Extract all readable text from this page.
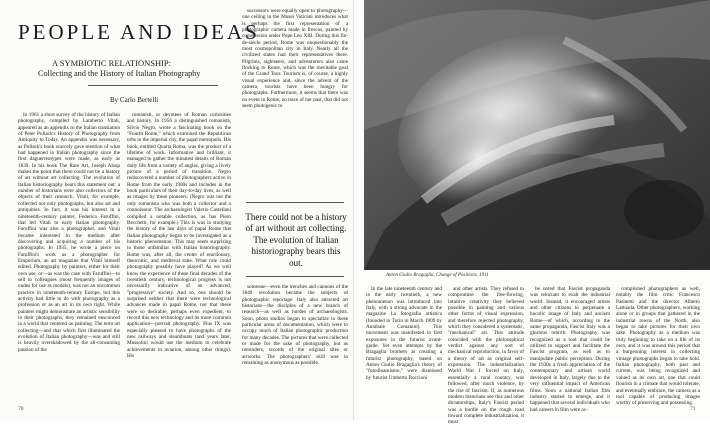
PEOPLE AND IDEAS
A SYMBIOTIC RELATIONSHIP:
Collecting and the History of Italian Photography
By Carlo Bertelli

In 1961 a short survey of the history of Italian photography, compiled by Lamberto Vitali, appeared as an appendix to the Italian translation of Peter Pollack's History of Photography from Antiquity to Today. An appendix was necessary, as Pollack's book scarcely gave mention of what had happened in Italian photography since the first daguerreotypes were made, as early as 1839. In his book The Rare Art, Joseph Alsop makes the point that there could not be a history of art without art collecting. The evolution of Italian historiography bears this statement out: a number of historians were also collectors of the objects of their research. Vitali, for example, collected not only photographs, but also art and antiquities. In fact, it was his interest in a nineteenth-century painter, Federico Faruffini, that led Vitali to early Italian photography. Faruffini was also a photographer, and Vitali became interested in the medium after discovering and acquiring a number of his photographs. In 1935, he wrote a piece on Faruffini's work as a photographer for Emporium, an art magazine that Vitali himself edited. Photography by painters, either for their own use, or—as was the case with Faruffini—to sell to colleagues (most frequently images of nudes for use as models), was not an uncommon practice in nineteenth-century Europe, but this activity had little to do with photography as a profession or as an art in its own right. While painters might demonstrate an artistic sensibility in their photographs, they remained ensconced in a world that centered on painting. The term art collecting—and that which first illuminated the evolution of Italian photography—was and still is heavily overshadowed by the all-consuming passion of the

romanisti, or devotees of Roman curiosities and history. In 1956 a distinguished romanista, Silvio Negro, wrote a fascinating book on the "Fourth Rome," which examined the Republican urbs in the imperial city, the papal metropolis. His book, entitled Quarta Roma, was the product of a lifetime of work. Informative and brilliant, it managed to gather the minutest details of Roman daily life from a variety of angles, giving a lively picture of a period of transition. Negro rediscovered a number of photographers active in Rome from the early 1900s and includes in the book particulars of their day-to-day lives, as well as images by these pioneers. (Negro was not the only romanista who was both a collector and a connoisseur. The archaeologist Valerio Castellani compiled a notable collection, as has Piero Becchetti, for example.) This is was in studying the history of the last days of papal Rome that Italian photography began to be investigated as a historic phenomenon. This may seem surprising to those unfamiliar with Italian historiography. Rome was, after all, the center of reactionary, theocratic, and medieval state. What role could photography possibly have played? As we well know the experience of these final decades of the twentieth century, technological progress is not necessarily indicative of an advanced, "progressive" society. And so, one should be surprised neither that there were technological advances made in papal Rome, nor that these were so desirable, perhaps even expedient, to record this new technology and its more common application—portrait photography. Pius IX was especially pleased to have photographs of the new railways and steamboats (and years later, Mussolini would use the medium to celebrate achievements in aviation, among other things). His

successors were equally open to photography—one ceiling in the Musei Vaticani introduces what is perhaps the first representation of a photographic camera made in frescos, painted by commission under Pope Leo XIII. During this fin-de-siècle period, Rome was unquestionably the most cosmopolitan city in Italy. Nearly all the civilized states had their representatives there. Pilgrims, sightseers, and adventurers also came flocking to Rome, which was the inevitable goal of the Grand Tour. Tourism is, of course, a highly visual experience and, since the advent of the camera, tourists have been hungry for photographs. Furthermore, it seems that there was no event in Rome, no trace of her past, that did not seem photogenic to

There could not be a history of art without art collecting. The evolution of Italian historiography bears this out.

someone—even the trenches and cannons of the 1849 revolution became the subjects of photographic reportage. Italy also attracted art historians—the disciples of a new branch of research—as well as hordes of archaeologists. Soon, photo studios began to specialize in these particular areas of documentation, which were to occupy much of Italian photographic production for many decades. The pictures that were collected or made for the sake of photography, but as reminders, records of the original sites or artworks. The photographers' skill was in remaining as anonymous as possible.

70
Anton Giulio Bragaglia, Change of Positions, 1911

In the late nineteenth century and in the early twentieth, a new phenomenon was introduced into Italy, with a strong advocate in the magazine La fotografia artistica (founded in Turin in March 1909 by Annibale Comanini). This movement was manifested in first exposures in the futurist avant-garde. Yet even attempts by the Bragaglia brothers at creating a futurist photography, based on Anton Giulio Bragaglia's theory of "fotodinamismo," were dismissed by futurist Umberto Boccioni

and other artists. They refused to compromise the free-flowing, intuitive creativity they believed possible in painting and various other forms of visual expression, and therefore rejected photography, which they considered a systematic, "mechanical" art. This attitude coincided with the philosophical verdict against any sort of mechanical reproduction, in favor of a theory of art as original self-expression. The industrialization World War I forced on Italy, essentially a rural country, was followed, after much violence, by the rise of fascism. If, as numerous modern historians see this and other dictatorships, Italy's Fascist period was a hurdle on the rough road toward complete industrialization, it must

be noted that Fascist propaganda was reluctant to exalt the industrial world. Instead, it encouraged artists and other citizens to perpetuate a bucolic image of Italy and ancient Rome—of which, according to the same propaganda, Fascist Italy was a glorious rebirth. Photography was recognized as a tool that could be utilized to support and facilitate the Fascist program, as well as to manipulate public perception. During the 1930s a fresh appreciation of the contemporary and artisan world developed in Italy, largely due to the very influential impact of American films. Soon a national Italian film industry started to emerge, and it happened that several individuals who had careers in film were ac-

complished photographers as well, notably the film critic Francesco Pasinetti and the director Alberto Lattuada. Other photographers, working alone or in groups that gathered in the industrial towns of the North, also began to take pictures for their own sake. Photography as a medium was truly beginning to take on a life of its own, and it was around this period that a burgeoning interest in collecting vintage photographs began to take hold. Italian photography, both past and current, was being recognized and valued as its own art, one that could flourish in a climate that would tolerate, and eventually embrace, the camera as a tool capable of producing images worthy of preserving and possessing.

71
